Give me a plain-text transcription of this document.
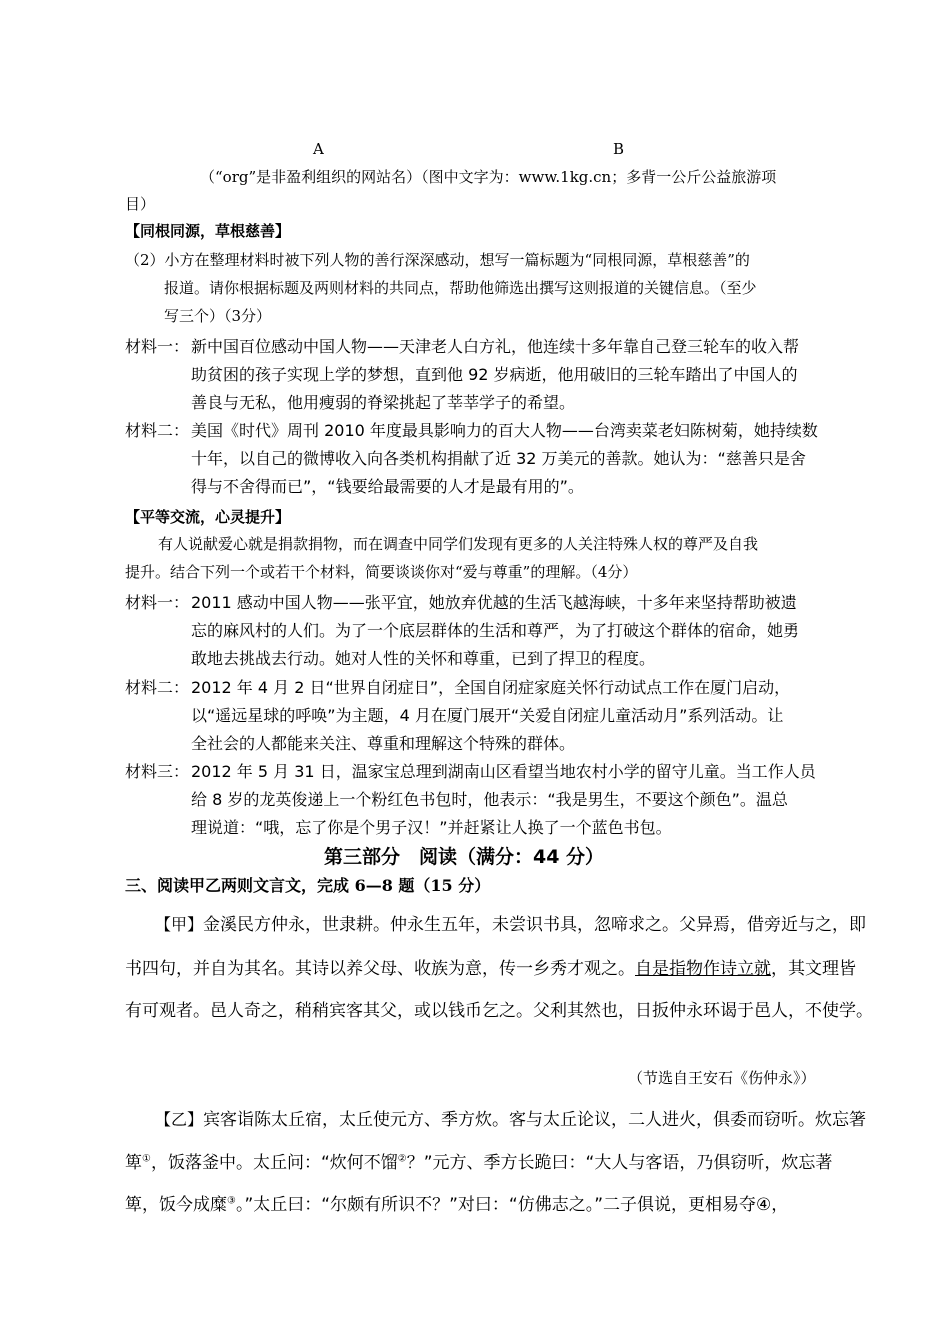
A	B
（“org”是非盈利组织的网站名）（图中文字为：www.1kg.cn；多背一公斤公益旅游项
目）
【同根同源，草根慈善】
（2）小方在整理材料时被下列人物的善行深深感动，想写一篇标题为“同根同源，草根慈善”的
报道。请你根据标题及两则材料的共同点，帮助他筛选出撰写这则报道的关键信息。（至少
写三个）（3分）
材料一： 新中国百位感动中国人物——天津老人白方礼，他连续十多年靠自己登三轮车的收入帮
助贫困的孩子实现上学的梦想，直到他 92 岁病逝，他用破旧的三轮车踏出了中国人的
善良与无私，他用瘦弱的脊梁挑起了莘莘学子的希望。
材料二： 美国《时代》周刊 2010 年度最具影响力的百大人物——台湾卖菜老妇陈树菊，她持续数
十年，以自己的微博收入向各类机构捐献了近 32 万美元的善款。她认为：“慈善只是舍
得与不舍得而已”，“钱要给最需要的人才是最有用的”。
【平等交流，心灵提升】
有人说献爱心就是捐款捐物，而在调查中同学们发现有更多的人关注特殊人权的尊严及自我
提升。结合下列一个或若干个材料，简要谈谈你对“爱与尊重”的理解。（4分）
材料一： 2011 感动中国人物——张平宜，她放弃优越的生活飞越海峡，十多年来坚持帮助被遗
忘的麻风村的人们。为了一个底层群体的生活和尊严，为了打破这个群体的宿命，她勇
敢地去挑战去行动。她对人性的关怀和尊重，已到了捍卫的程度。
材料二： 2012 年 4 月 2 日“世界自闭症日”，全国自闭症家庭关怀行动试点工作在厦门启动，
以“遥远星球的呼唤”为主题，4 月在厦门展开“关爱自闭症儿童活动月”系列活动。让
全社会的人都能来关注、尊重和理解这个特殊的群体。
材料三： 2012 年 5 月 31 日，温家宝总理到湖南山区看望当地农村小学的留守儿童。当工作人员
给 8 岁的龙英俊递上一个粉红色书包时，他表示：“我是男生，不要这个颜色”。温总
理说道：“哦，忘了你是个男子汉！”并赶紧让人换了一个蓝色书包。
第三部分　阅读（满分：44 分）
三、阅读甲乙两则文言文，完成 6—8 题（15 分）
【甲】金溪民方仲永，世隶耕。仲永生五年，未尝识书具，忽啼求之。父异焉，借旁近与之，即
书四句，并自为其名。其诗以养父母、收族为意，传一乡秀才观之。自是指物作诗立就，其文理皆
有可观者。邑人奇之，稍稍宾客其父，或以钱币乞之。父利其然也，日扳仲永环谒于邑人，不使学。
（节选自王安石《伤仲永》）
【乙】宾客诣陈太丘宿，太丘使元方、季方炊。客与太丘论议，二人进火，俱委而窃听。炊忘箸
箄①，饭落釜中。太丘问：“炊何不馏②？”元方、季方长跪曰：“大人与客语，乃俱窃听，炊忘著
箄，饭今成糜③。”太丘曰：“尔颇有所识不？”对曰：“仿佛志之。”二子俱说，更相易夺④，
